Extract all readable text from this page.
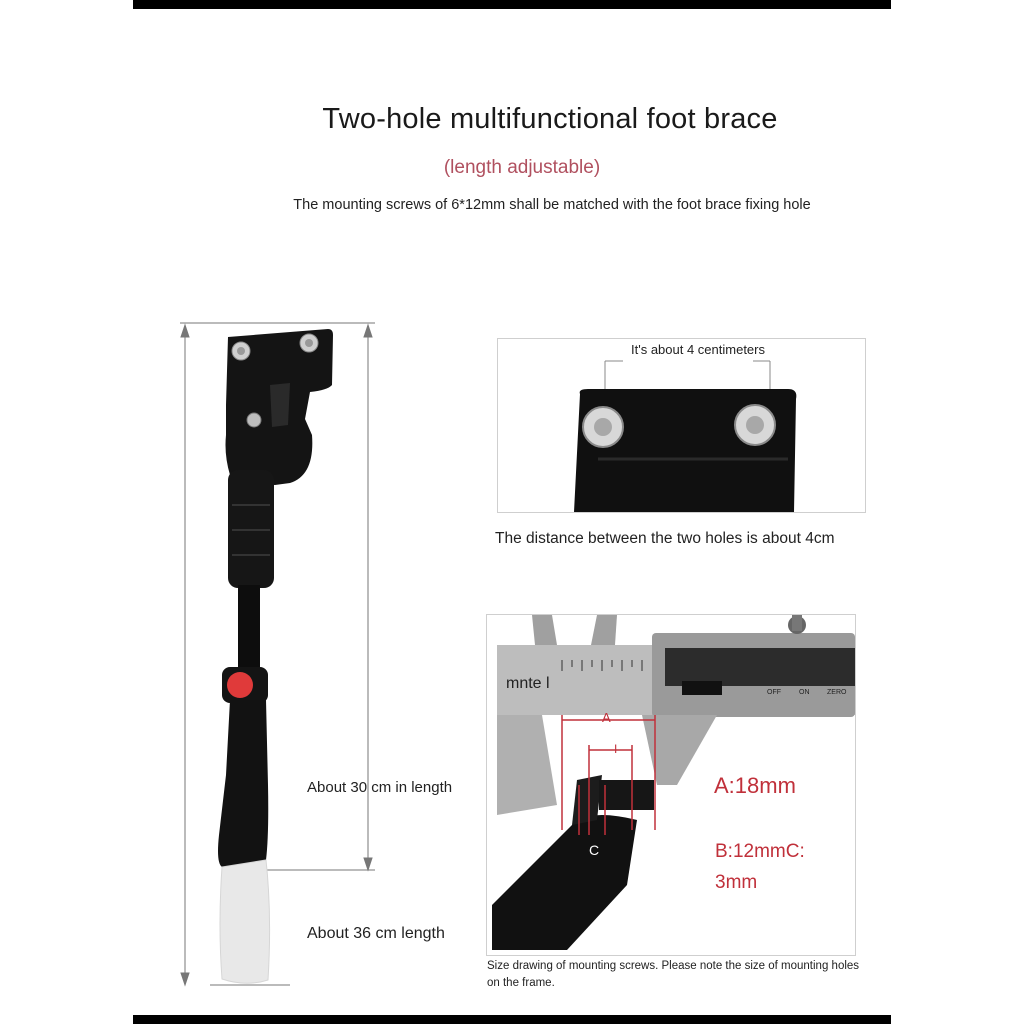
Two-hole multifunctional foot brace
(length adjustable)
The mounting screws of 6*12mm shall be matched with the foot brace fixing hole
About 30 cm in length
About 36 cm length
It's about 4 centimeters
The distance between the two holes is about 4cm
OFF	ON	ZERO
mnte l
A
I
C
A:18mm
B:12mmC: 3mm
Size drawing of mounting screws. Please note the size of mounting holes on the frame.
